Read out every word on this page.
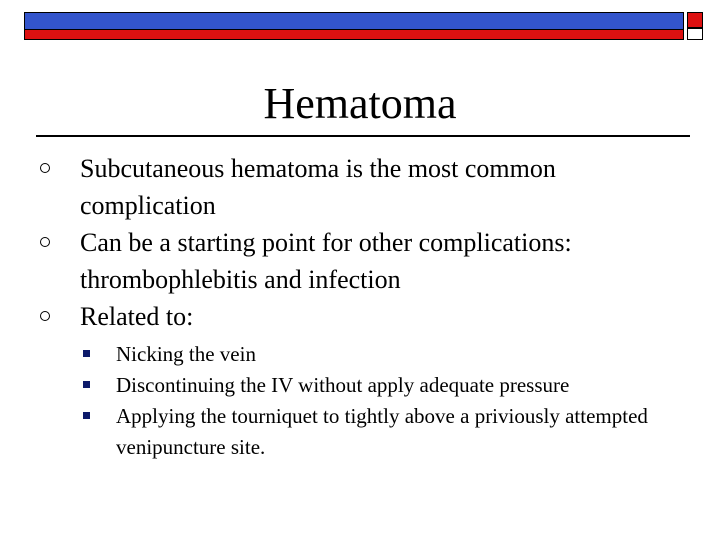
Hematoma
Subcutaneous hematoma is the most common complication
Can be a starting point for other complications: thrombophlebitis and infection
Related to:
Nicking the vein
Discontinuing the IV without apply adequate pressure
Applying the tourniquet to tightly above a priviously attempted venipuncture site.
